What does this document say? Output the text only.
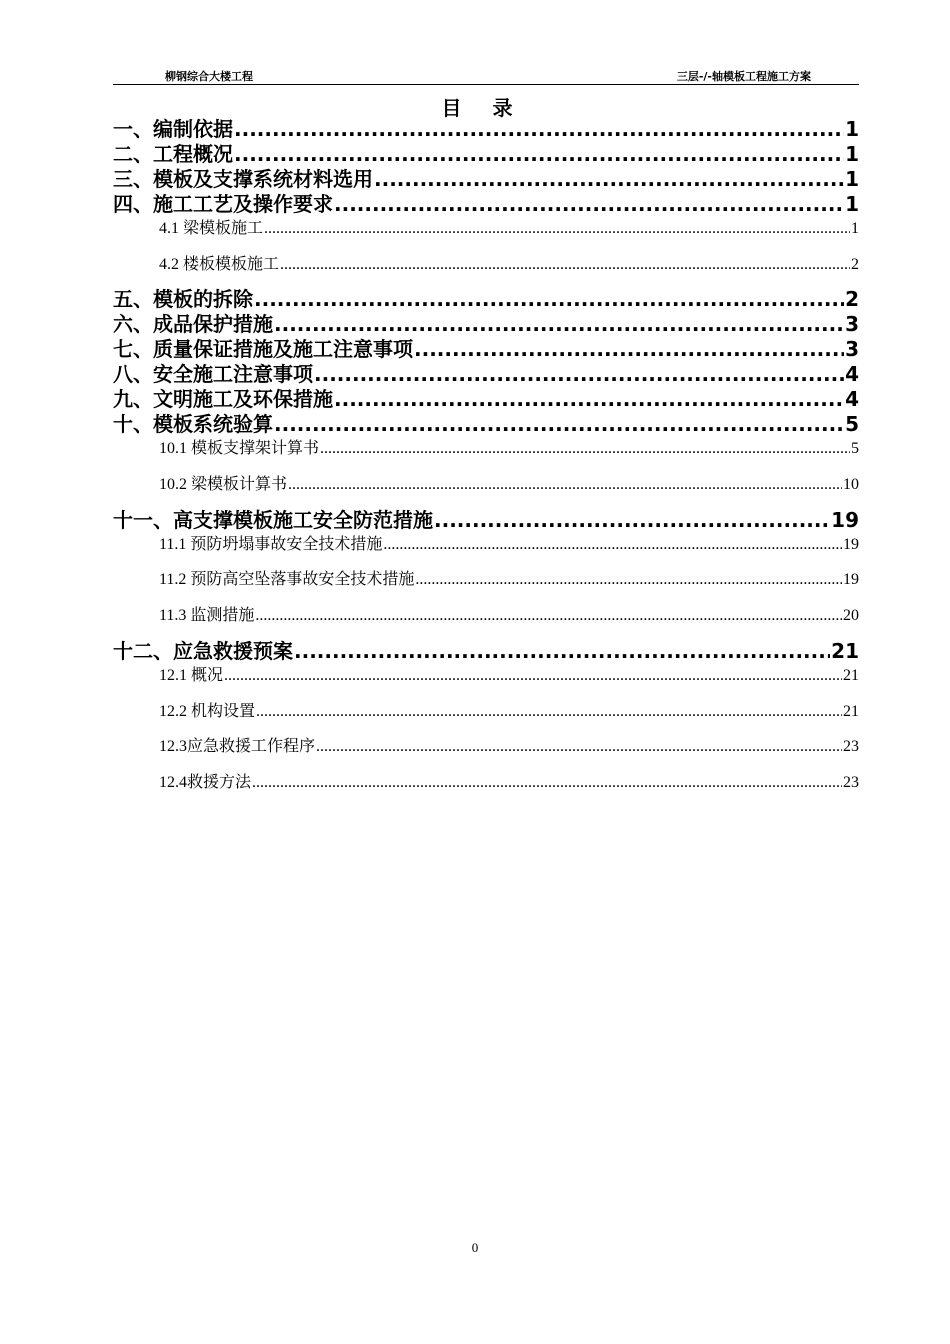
柳钢综合大楼工程	三层-/-轴模板工程施工方案
目 录
一、编制依据 .....	1
二、工程概况 .....	1
三、模板及支撑系统材料选用 .....	1
四、施工工艺及操作要求 .....	1
4.1 梁模板施工 .....	1
4.2 楼板模板施工 .....	2
五、模板的拆除 .....	2
六、成品保护措施 .....	3
七、质量保证措施及施工注意事项 .....	3
八、安全施工注意事项 .....	4
九、文明施工及环保措施 .....	4
十、模板系统验算 .....	5
10.1 模板支撑架计算书 .....	5
10.2 梁模板计算书 .....	10
十一、高支撑模板施工安全防范措施 .....	19
11.1 预防坍塌事故安全技术措施 .....	19
11.2 预防高空坠落事故安全技术措施 .....	19
11.3 监测措施 .....	20
十二、应急救援预案 .....	21
12.1 概况 .....	21
12.2 机构设置 .....	21
12.3应急救援工作程序 .....	23
12.4救援方法 .....	23
0
